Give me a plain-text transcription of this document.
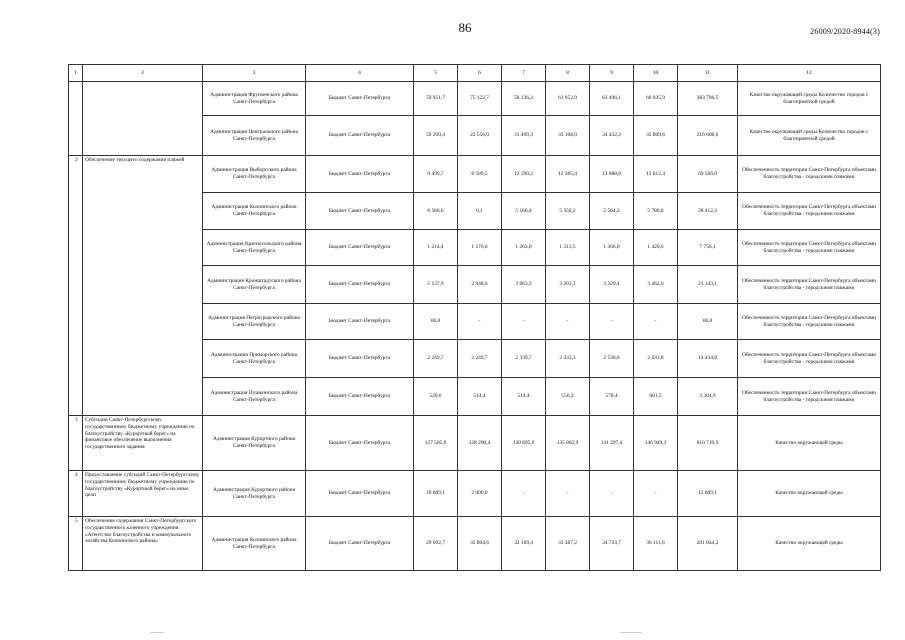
86	26009/2020-8944(3)
1	2	3	4	5	6	7	8	9	10	11	12
		Администрация Фрунзенского района Санкт-Петербурга	Бюджет Санкт-Петербурга	59 951,7	75 122,7	58 136,2	61 053,9	63 496,1	66 035,9	383 796,5	Качество окружающей среды Количество городов с благоприятной средой
		Администрация Центрального района Санкт-Петербурга	Бюджет Санкт-Петербурга	59 209,4	22 556,0	31 499,3	33 108,0	34 432,3	35 809,6	216 608,6	Качество окружающей среды Количество городов с благоприятной средой
2	Обеспечение текущего содержания пляжей	Администрация Выборгского района Санкт-Петербурга	Бюджет Санкт-Петербурга	9 499,7	8 589,5	12 190,2	12 385,4	13 088,8	13 612,4	69 566,0	Обеспеченность территории Санкт-Петербурга объектами благоустройства - городскими пляжами
		Администрация Колпинского района Санкт-Петербурга	Бюджет Санкт-Петербурга	6 566,6	0,1	5 166,4	5 350,2	5 564,2	5 786,8	28 412,3	Обеспеченность территории Санкт-Петербурга объектами благоустройства - городскими пляжами
		Администрация Красносельского района Санкт-Петербурга	Бюджет Санкт-Петербурга	1 214,4	1 176,6	1 263,0	1 313,5	1 366,0	1 420,6	7 756,1	Обеспеченность территории Санкт-Петербурга объектами благоустройства - городскими пляжами
		Администрация Кронштадтского района Санкт-Петербурга	Бюджет Санкт-Петербурга	5 137,9	2 948,6	3 063,3	3 201,3	3 329,4	3 462,6	21 143,1	Обеспеченность территории Санкт-Петербурга объектами благоустройства - городскими пляжами
		Администрация Петроградского района Санкт-Петербурга	Бюджет Санкт-Петербурга	66,0	-	-	-	-	-	66,0	Обеспеченность территории Санкт-Петербурга объектами благоустройства - городскими пляжами
		Администрация Приморского района Санкт-Петербурга	Бюджет Санкт-Петербурга	2 249,7	2 249,7	2 339,7	2 433,3	2 530,6	2 631,8	14 434,8	Обеспеченность территории Санкт-Петербурга объектами благоустройства - городскими пляжами
		Администрация Пушкинского района Санкт-Петербурга	Бюджет Санкт-Петербурга	520,0	514,4	514,4	556,2	578,4	601,5	3 304,9	Обеспеченность территории Санкт-Петербурга объектами благоустройства - городскими пляжами
3	Субсидии Санкт-Петербургскому государственному бюджетному учреждению по благоустройству «Курортный берег» на финансовое обеспечение выполнения государственного задания	Администрация Курортного района Санкт-Петербурга	Бюджет Санкт-Петербурга	127 505,9	128 200,4	130 895,0	135 862,9	141 297,4	146 949,3	810 710,9	Качество окружающей среды
4	Предоставление субсидий Санкт-Петербургскому государственному бюджетному учреждению по благоустройству «Курортный берег» на иные цели	Администрация Курортного района Санкт-Петербурга	Бюджет Санкт-Петербурга	10 609,1	2 000,0	-	-	-	-	12 609,1	Качество окружающей среды
5	Обеспечение содержания Санкт-Петербургского государственного казенного учреждения «Агентство благоустройства и коммунального хозяйства Колпинского района»	Администрация Колпинского района Санкт-Петербурга	Бюджет Санкт-Петербурга	29 692,7	35 804,6	32 169,4	33 387,2	34 723,7	36 111,6	201 844,2	Качество окружающей среды
